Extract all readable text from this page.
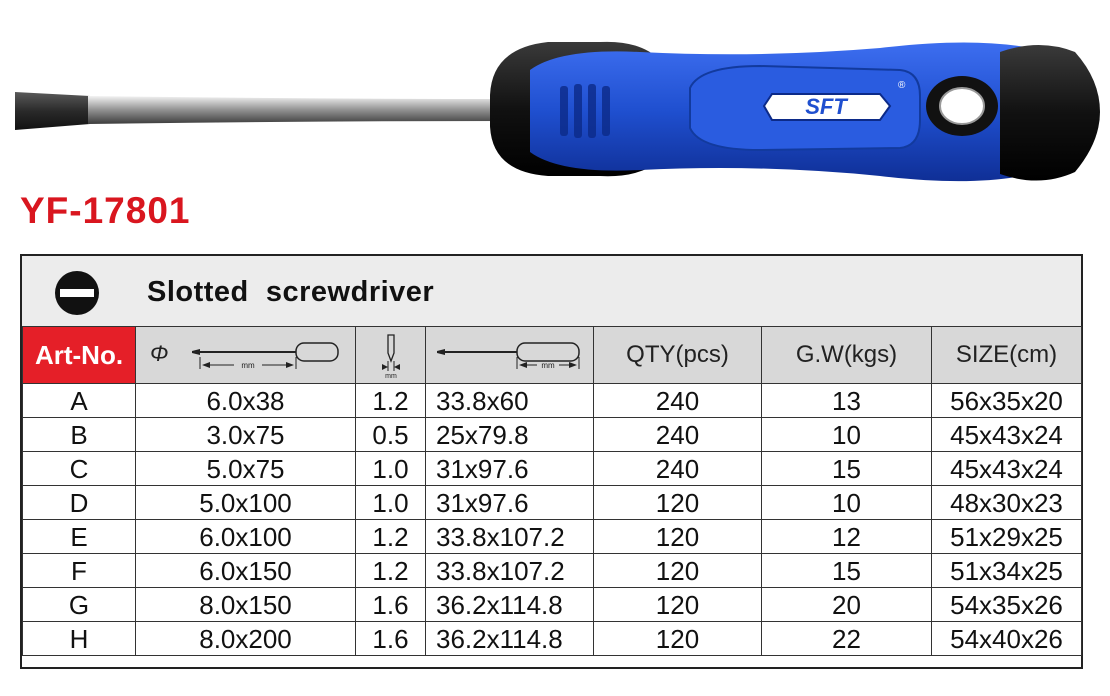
SFT
®
YF-17801
Slotted  screwdriver
Art-No.	Φ mm	mm	mm	QTY(pcs)	G.W(kgs)	SIZE(cm)
A	6.0x38	1.2	33.8x60	240	13	56x35x20
B	3.0x75	0.5	25x79.8	240	10	45x43x24
C	5.0x75	1.0	31x97.6	240	15	45x43x24
D	5.0x100	1.0	31x97.6	120	10	48x30x23
E	6.0x100	1.2	33.8x107.2	120	12	51x29x25
F	6.0x150	1.2	33.8x107.2	120	15	51x34x25
G	8.0x150	1.6	36.2x114.8	120	20	54x35x26
H	8.0x200	1.6	36.2x114.8	120	22	54x40x26
